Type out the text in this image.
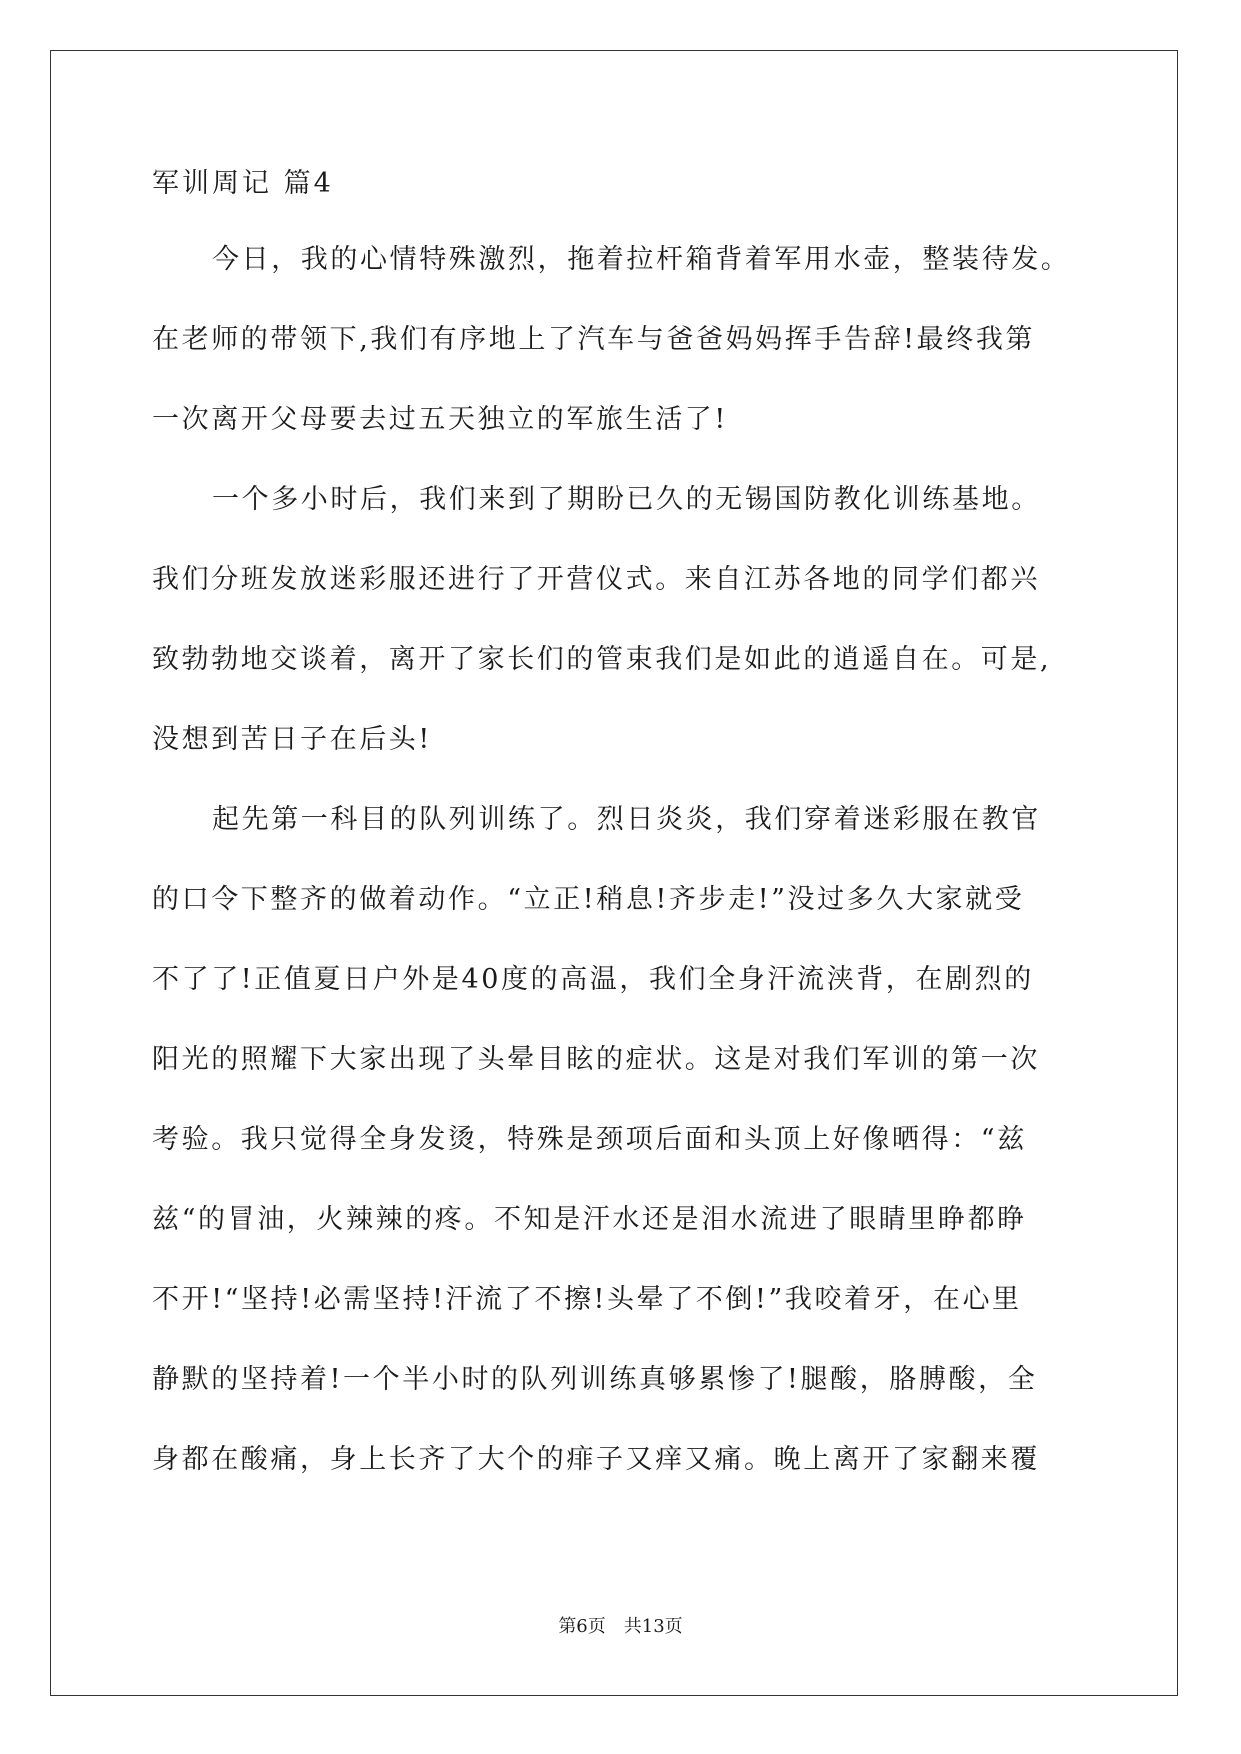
军训周记 篇4
今日，我的心情特殊激烈，拖着拉杆箱背着军用水壶，整装待发。
在老师的带领下,我们有序地上了汽车与爸爸妈妈挥手告辞!最终我第
一次离开父母要去过五天独立的军旅生活了!
一个多小时后，我们来到了期盼已久的无锡国防教化训练基地。
我们分班发放迷彩服还进行了开营仪式。来自江苏各地的同学们都兴
致勃勃地交谈着，离开了家长们的管束我们是如此的逍遥自在。可是,
没想到苦日子在后头!
起先第一科目的队列训练了。烈日炎炎，我们穿着迷彩服在教官
的口令下整齐的做着动作。“立正!稍息!齐步走!”没过多久大家就受
不了了!正值夏日户外是40度的高温，我们全身汗流浃背，在剧烈的
阳光的照耀下大家出现了头晕目眩的症状。这是对我们军训的第一次
考验。我只觉得全身发烫，特殊是颈项后面和头顶上好像晒得：“兹
兹“的冒油，火辣辣的疼。不知是汗水还是泪水流进了眼睛里睁都睁
不开!“坚持!必需坚持!汗流了不擦!头晕了不倒!”我咬着牙，在心里
静默的坚持着!一个半小时的队列训练真够累惨了!腿酸，胳膊酸，全
身都在酸痛，身上长齐了大个的痱子又痒又痛。晚上离开了家翻来覆
第6页　共13页
